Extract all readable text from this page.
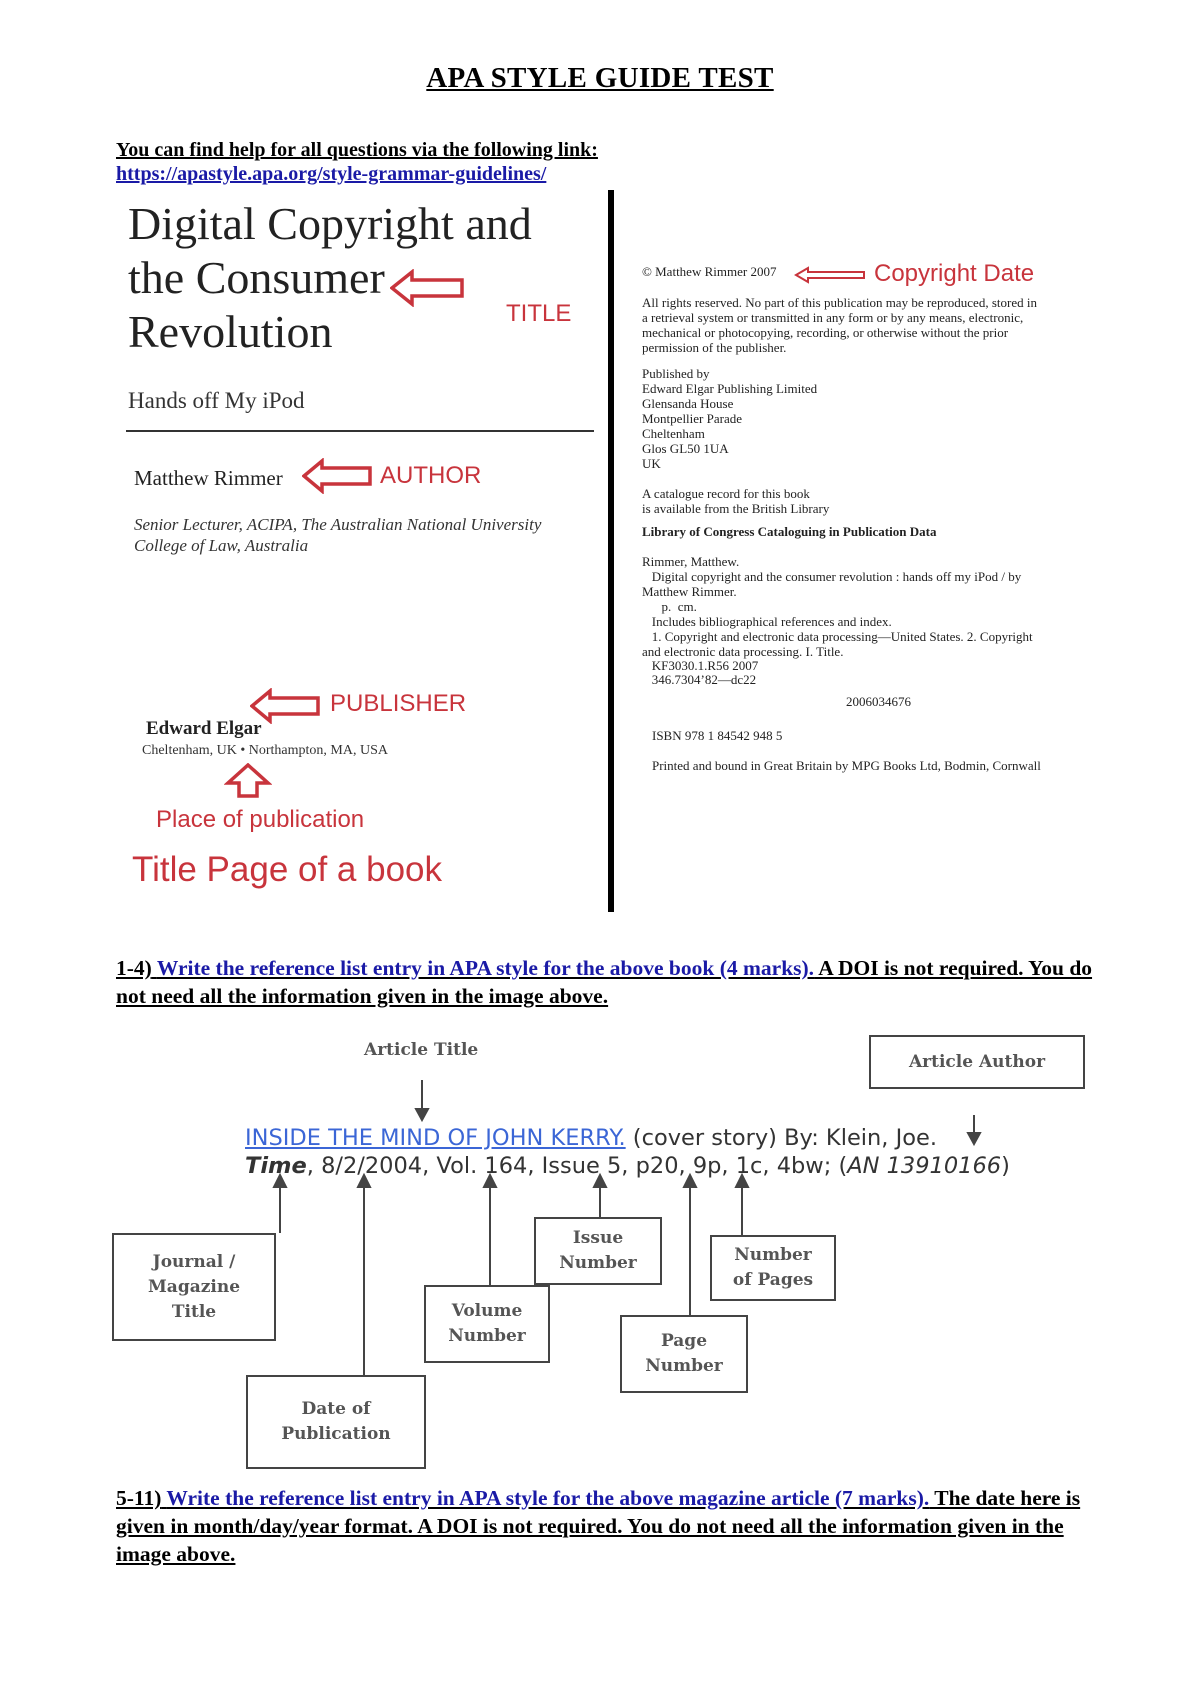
APA STYLE GUIDE TEST
You can find help for all questions via the following link:
https://apastyle.apa.org/style-grammar-guidelines/
Digital Copyright and
the Consumer
Revolution
Hands off My iPod
Matthew Rimmer
Senior Lecturer, ACIPA, The Australian National University
College of Law, Australia
Edward Elgar
Cheltenham, UK • Northampton, MA, USA
TITLE
AUTHOR
PUBLISHER
Place of publication
Title Page of a book
© Matthew Rimmer 2007	Copyright Date
All rights reserved. No part of this publication may be reproduced, stored in
a retrieval system or transmitted in any form or by any means, electronic,
mechanical or photocopying, recording, or otherwise without the prior
permission of the publisher.
Published by
Edward Elgar Publishing Limited
Glensanda House
Montpellier Parade
Cheltenham
Glos GL50 1UA
UK
A catalogue record for this book
is available from the British Library
Library of Congress Cataloguing in Publication Data
Rimmer, Matthew.
Digital copyright and the consumer revolution : hands off my iPod / by
Matthew Rimmer.
p.  cm.
Includes bibliographical references and index.
1. Copyright and electronic data processing—United States. 2. Copyright
and electronic data processing. I. Title.
KF3030.1.R56 2007
346.7304’82—dc22
2006034676
ISBN 978 1 84542 948 5
Printed and bound in Great Britain by MPG Books Ltd, Bodmin, Cornwall
1-4) Write the reference list entry in APA style for the above book (4 marks). A DOI is not required. You do not need all the information given in the image above.
Article Title
Article Author
INSIDE THE MIND OF JOHN KERRY. (cover story) By: Klein, Joe.
Time, 8/2/2004, Vol. 164, Issue 5, p20, 9p, 1c, 4bw; (AN 13910166)
Journal /
Magazine
Title
Date of
Publication
Volume
Number
Issue
Number
Page
Number
Number
of Pages
5-11) Write the reference list entry in APA style for the above magazine article (7 marks). The date here is given in month/day/year format. A DOI is not required. You do not need all the information given in the image above.
